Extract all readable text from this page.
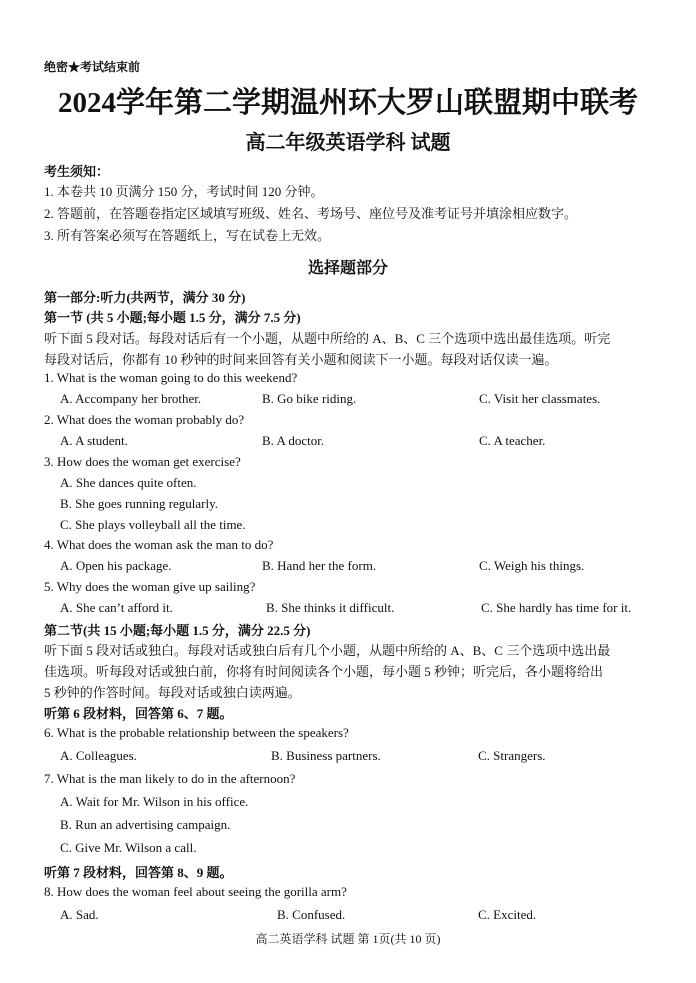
绝密★考试结束前
2024学年第二学期温州环大罗山联盟期中联考
高二年级英语学科 试题
考生须知：
1. 本卷共 10 页满分 150 分，考试时间 120 分钟。
2. 答题前，在答题卷指定区域填写班级、姓名、考场号、座位号及准考证号并填涂相应数字。
3. 所有答案必须写在答题纸上，写在试卷上无效。
选择题部分
第一部分:听力(共两节，满分 30 分)
第一节 (共 5 小题;每小题 1.5 分，满分 7.5 分)
听下面 5 段对话。每段对话后有一个小题，从题中所给的 A、B、C 三个选项中选出最佳选项。听完
每段对话后，你都有 10 秒钟的时间来回答有关小题和阅读下一小题。每段对话仅读一遍。
1. What is the woman going to do this weekend?
A. Accompany her brother.	B. Go bike riding.	C. Visit her classmates.
2. What does the woman probably do?
A. A student.	B. A doctor.	C. A teacher.
3. How does the woman get exercise?
A. She dances quite often.
B. She goes running regularly.
C. She plays volleyball all the time.
4. What does the woman ask the man to do?
A. Open his package.	B. Hand her the form.	C. Weigh his things.
5. Why does the woman give up sailing?
A. She can’t afford it.	B. She thinks it difficult.	C. She hardly has time for it.
第二节(共 15 小题;每小题 1.5 分，满分 22.5 分)
听下面 5 段对话或独白。每段对话或独白后有几个小题，从题中所给的 A、B、C 三个选项中选出最
佳选项。听每段对话或独白前，你将有时间阅读各个小题，每小题 5 秒钟；听完后，各小题将给出
5 秒钟的作答时间。每段对话或独白读两遍。
听第 6 段材料，回答第 6、7 题。
6. What is the probable relationship between the speakers?
A. Colleagues.	B. Business partners.	C. Strangers.
7. What is the man likely to do in the afternoon?
A. Wait for Mr. Wilson in his office.
B. Run an advertising campaign.
C. Give Mr. Wilson a call.
听第 7 段材料，回答第 8、9 题。
8. How does the woman feel about seeing the gorilla arm?
A. Sad.	B. Confused.	C. Excited.
高二英语学科 试题 第 1页(共 10 页)
